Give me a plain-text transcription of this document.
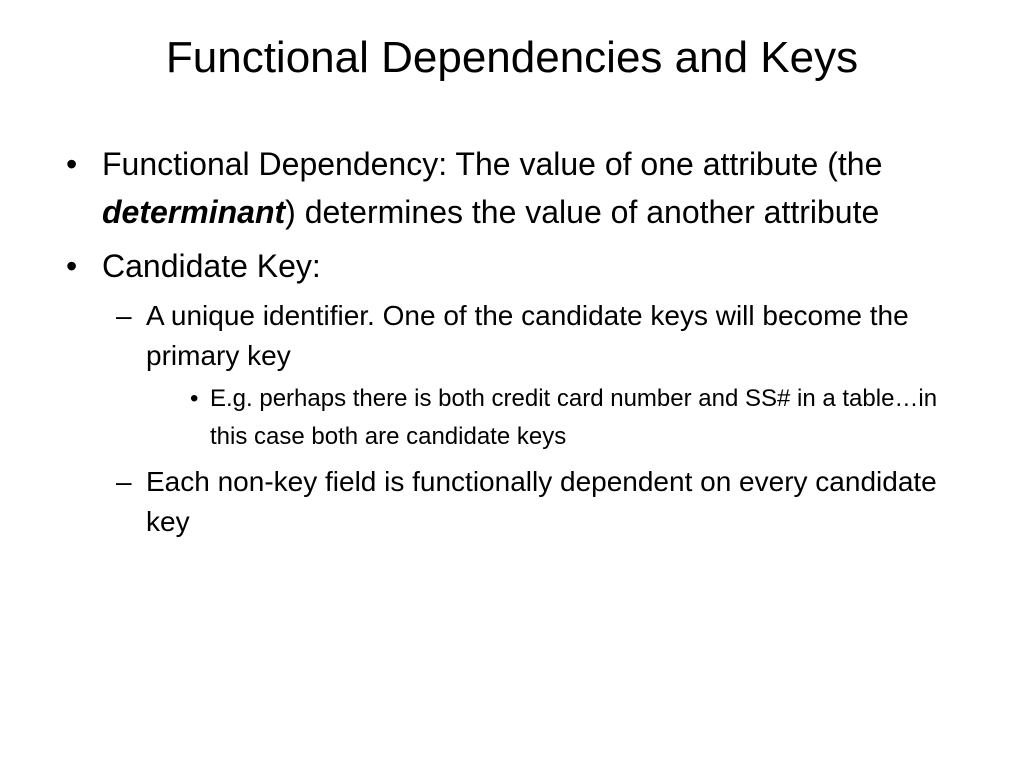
Functional Dependencies and Keys
• Functional Dependency: The value of one attribute (the determinant) determines the value of another attribute
• Candidate Key:
– A unique identifier. One of the candidate keys will become the primary key
• E.g. perhaps there is both credit card number and SS# in a table…in this case both are candidate keys
– Each non-key field is functionally dependent on every candidate key
